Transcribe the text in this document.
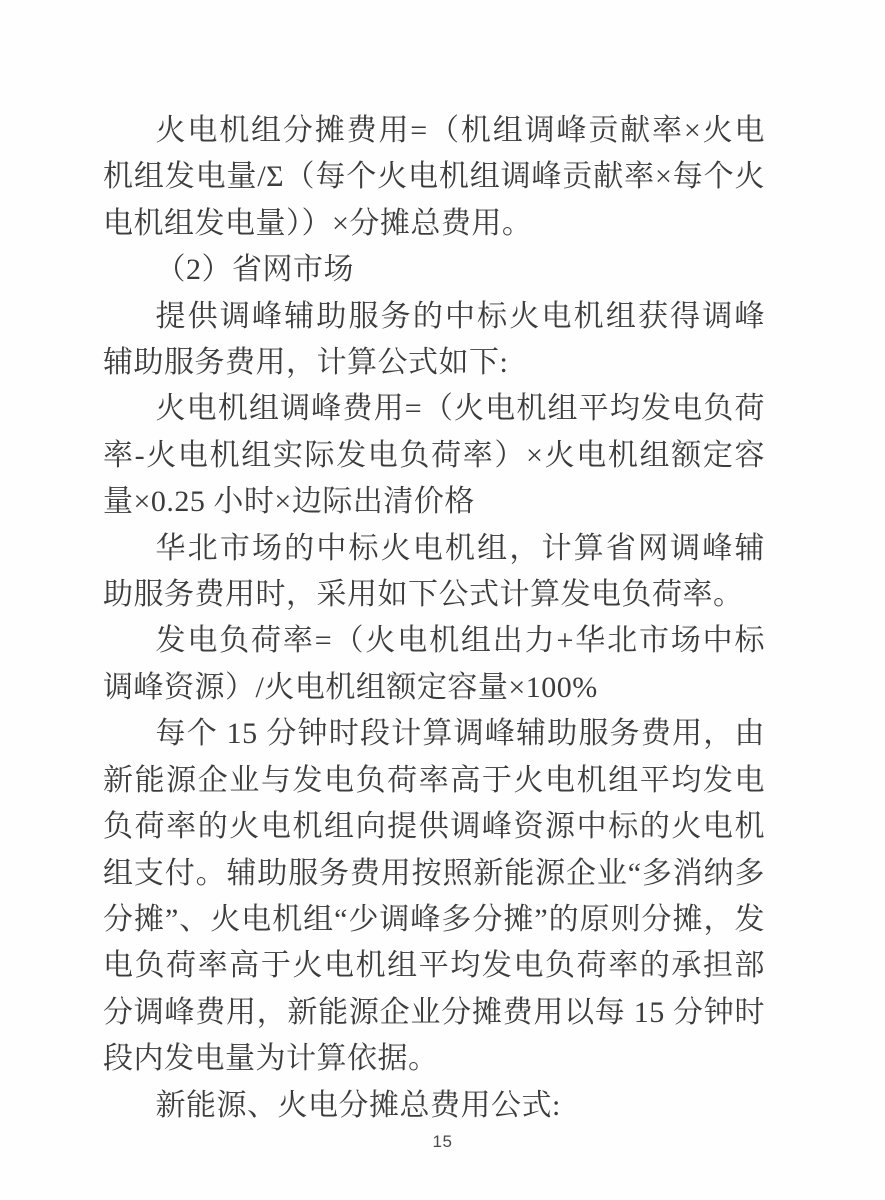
火电机组分摊费用=（机组调峰贡献率×火电机组发电量/Σ（每个火电机组调峰贡献率×每个火电机组发电量））×分摊总费用。

（2）省网市场

提供调峰辅助服务的中标火电机组获得调峰辅助服务费用，计算公式如下:

火电机组调峰费用=（火电机组平均发电负荷率-火电机组实际发电负荷率）×火电机组额定容量×0.25 小时×边际出清价格

华北市场的中标火电机组，计算省网调峰辅助服务费用时，采用如下公式计算发电负荷率。

发电负荷率=（火电机组出力+华北市场中标调峰资源）/火电机组额定容量×100%

每个 15 分钟时段计算调峰辅助服务费用，由新能源企业与发电负荷率高于火电机组平均发电负荷率的火电机组向提供调峰资源中标的火电机组支付。辅助服务费用按照新能源企业“多消纳多分摊”、火电机组“少调峰多分摊”的原则分摊，发电负荷率高于火电机组平均发电负荷率的承担部分调峰费用，新能源企业分摊费用以每 15 分钟时段内发电量为计算依据。

新能源、火电分摊总费用公式:

15
